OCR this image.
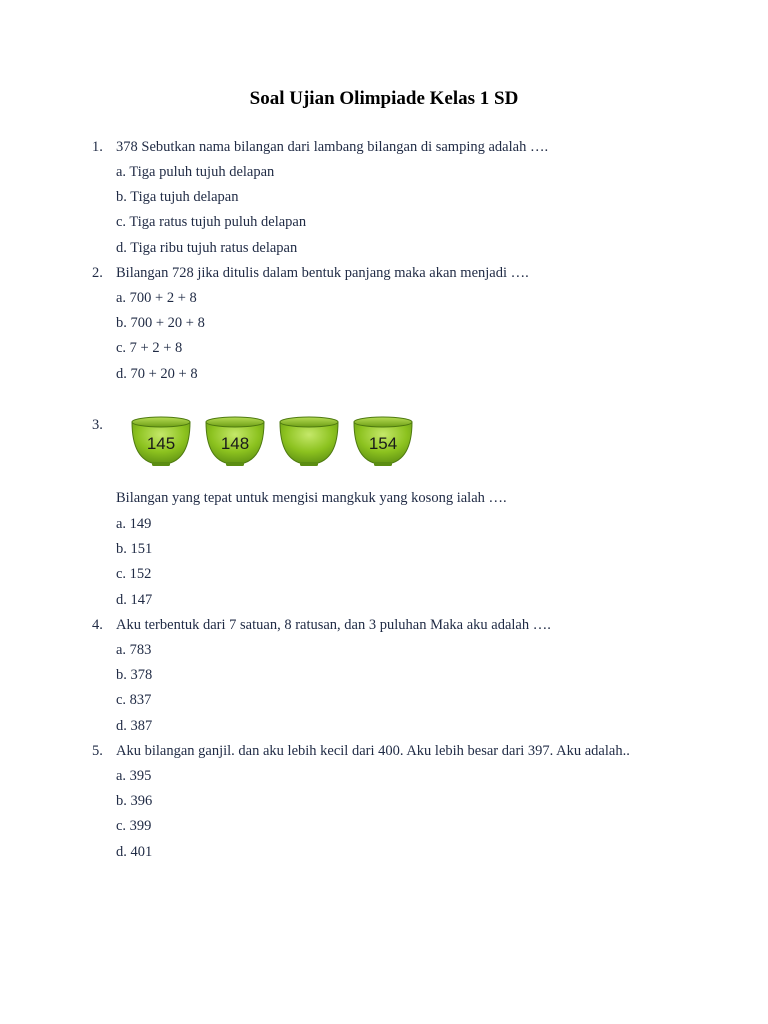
Soal Ujian Olimpiade Kelas 1 SD
1. 378 Sebutkan nama bilangan dari lambang bilangan di samping adalah ….
a. Tiga puluh tujuh delapan
b. Tiga tujuh delapan
c. Tiga ratus tujuh puluh delapan
d. Tiga ribu tujuh ratus delapan
2. Bilangan 728 jika ditulis dalam bentuk panjang maka akan menjadi ….
a. 700 + 2 + 8
b. 700 + 20 + 8
c. 7 + 2 + 8
d. 70 + 20 + 8
3.
145	148	154
Bilangan yang tepat untuk mengisi mangkuk yang kosong ialah ….
a. 149
b. 151
c. 152
d. 147
4. Aku terbentuk dari 7 satuan, 8 ratusan, dan 3 puluhan Maka aku adalah ….
a. 783
b. 378
c. 837
d. 387
5. Aku bilangan ganjil. dan aku lebih kecil dari 400. Aku lebih besar dari 397. Aku adalah..
a. 395
b. 396
c. 399
d. 401
